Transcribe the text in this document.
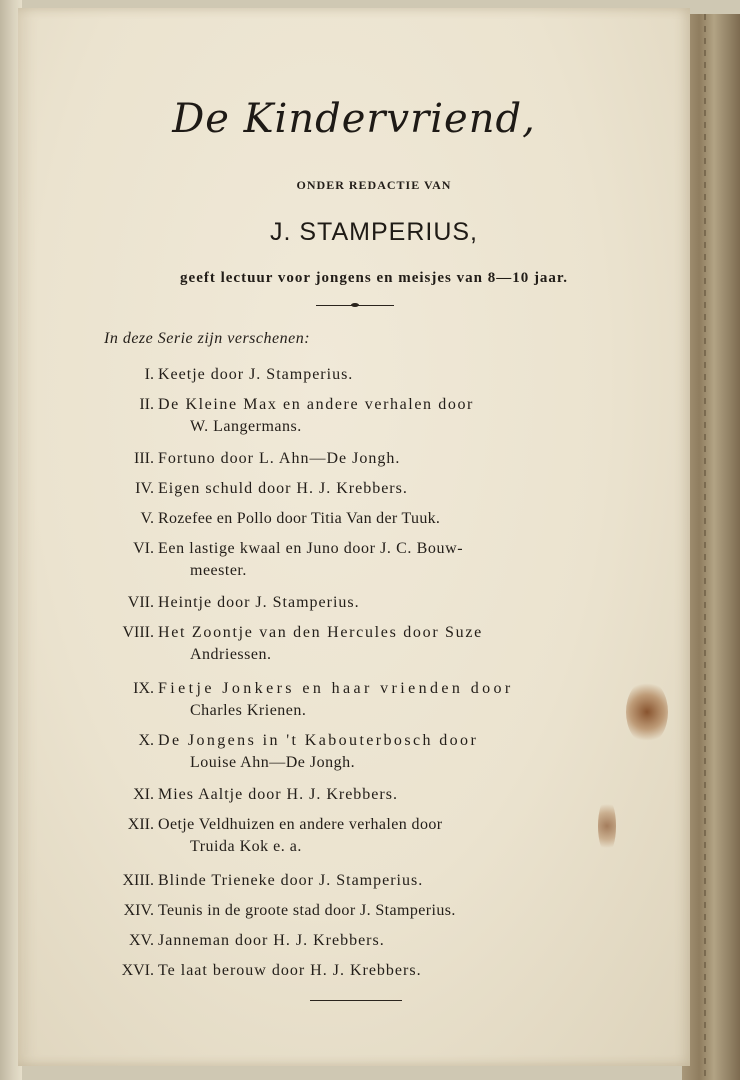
De Kindervriend,
ONDER REDACTIE VAN
J. STAMPERIUS,
geeft lectuur voor jongens en meisjes van 8—10 jaar.
In deze Serie zijn verschenen:
I. Keetje door J. Stamperius.
II. De Kleine Max en andere verhalen door
W. Langermans.
III. Fortuno door L. Ahn—De Jongh.
IV. Eigen schuld door H. J. Krebbers.
V. Rozefee en Pollo door Titia Van der Tuuk.
VI. Een lastige kwaal en Juno door J. C. Bouw-
meester.
VII. Heintje door J. Stamperius.
VIII. Het Zoontje van den Hercules door Suze
Andriessen.
IX. Fietje Jonkers en haar vrienden door
Charles Krienen.
X. De Jongens in 't Kabouterbosch door
Louise Ahn—De Jongh.
XI. Mies Aaltje door H. J. Krebbers.
XII. Oetje Veldhuizen en andere verhalen door
Truida Kok e. a.
XIII. Blinde Trieneke door J. Stamperius.
XIV. Teunis in de groote stad door J. Stamperius.
XV. Janneman door H. J. Krebbers.
XVI. Te laat berouw door H. J. Krebbers.
